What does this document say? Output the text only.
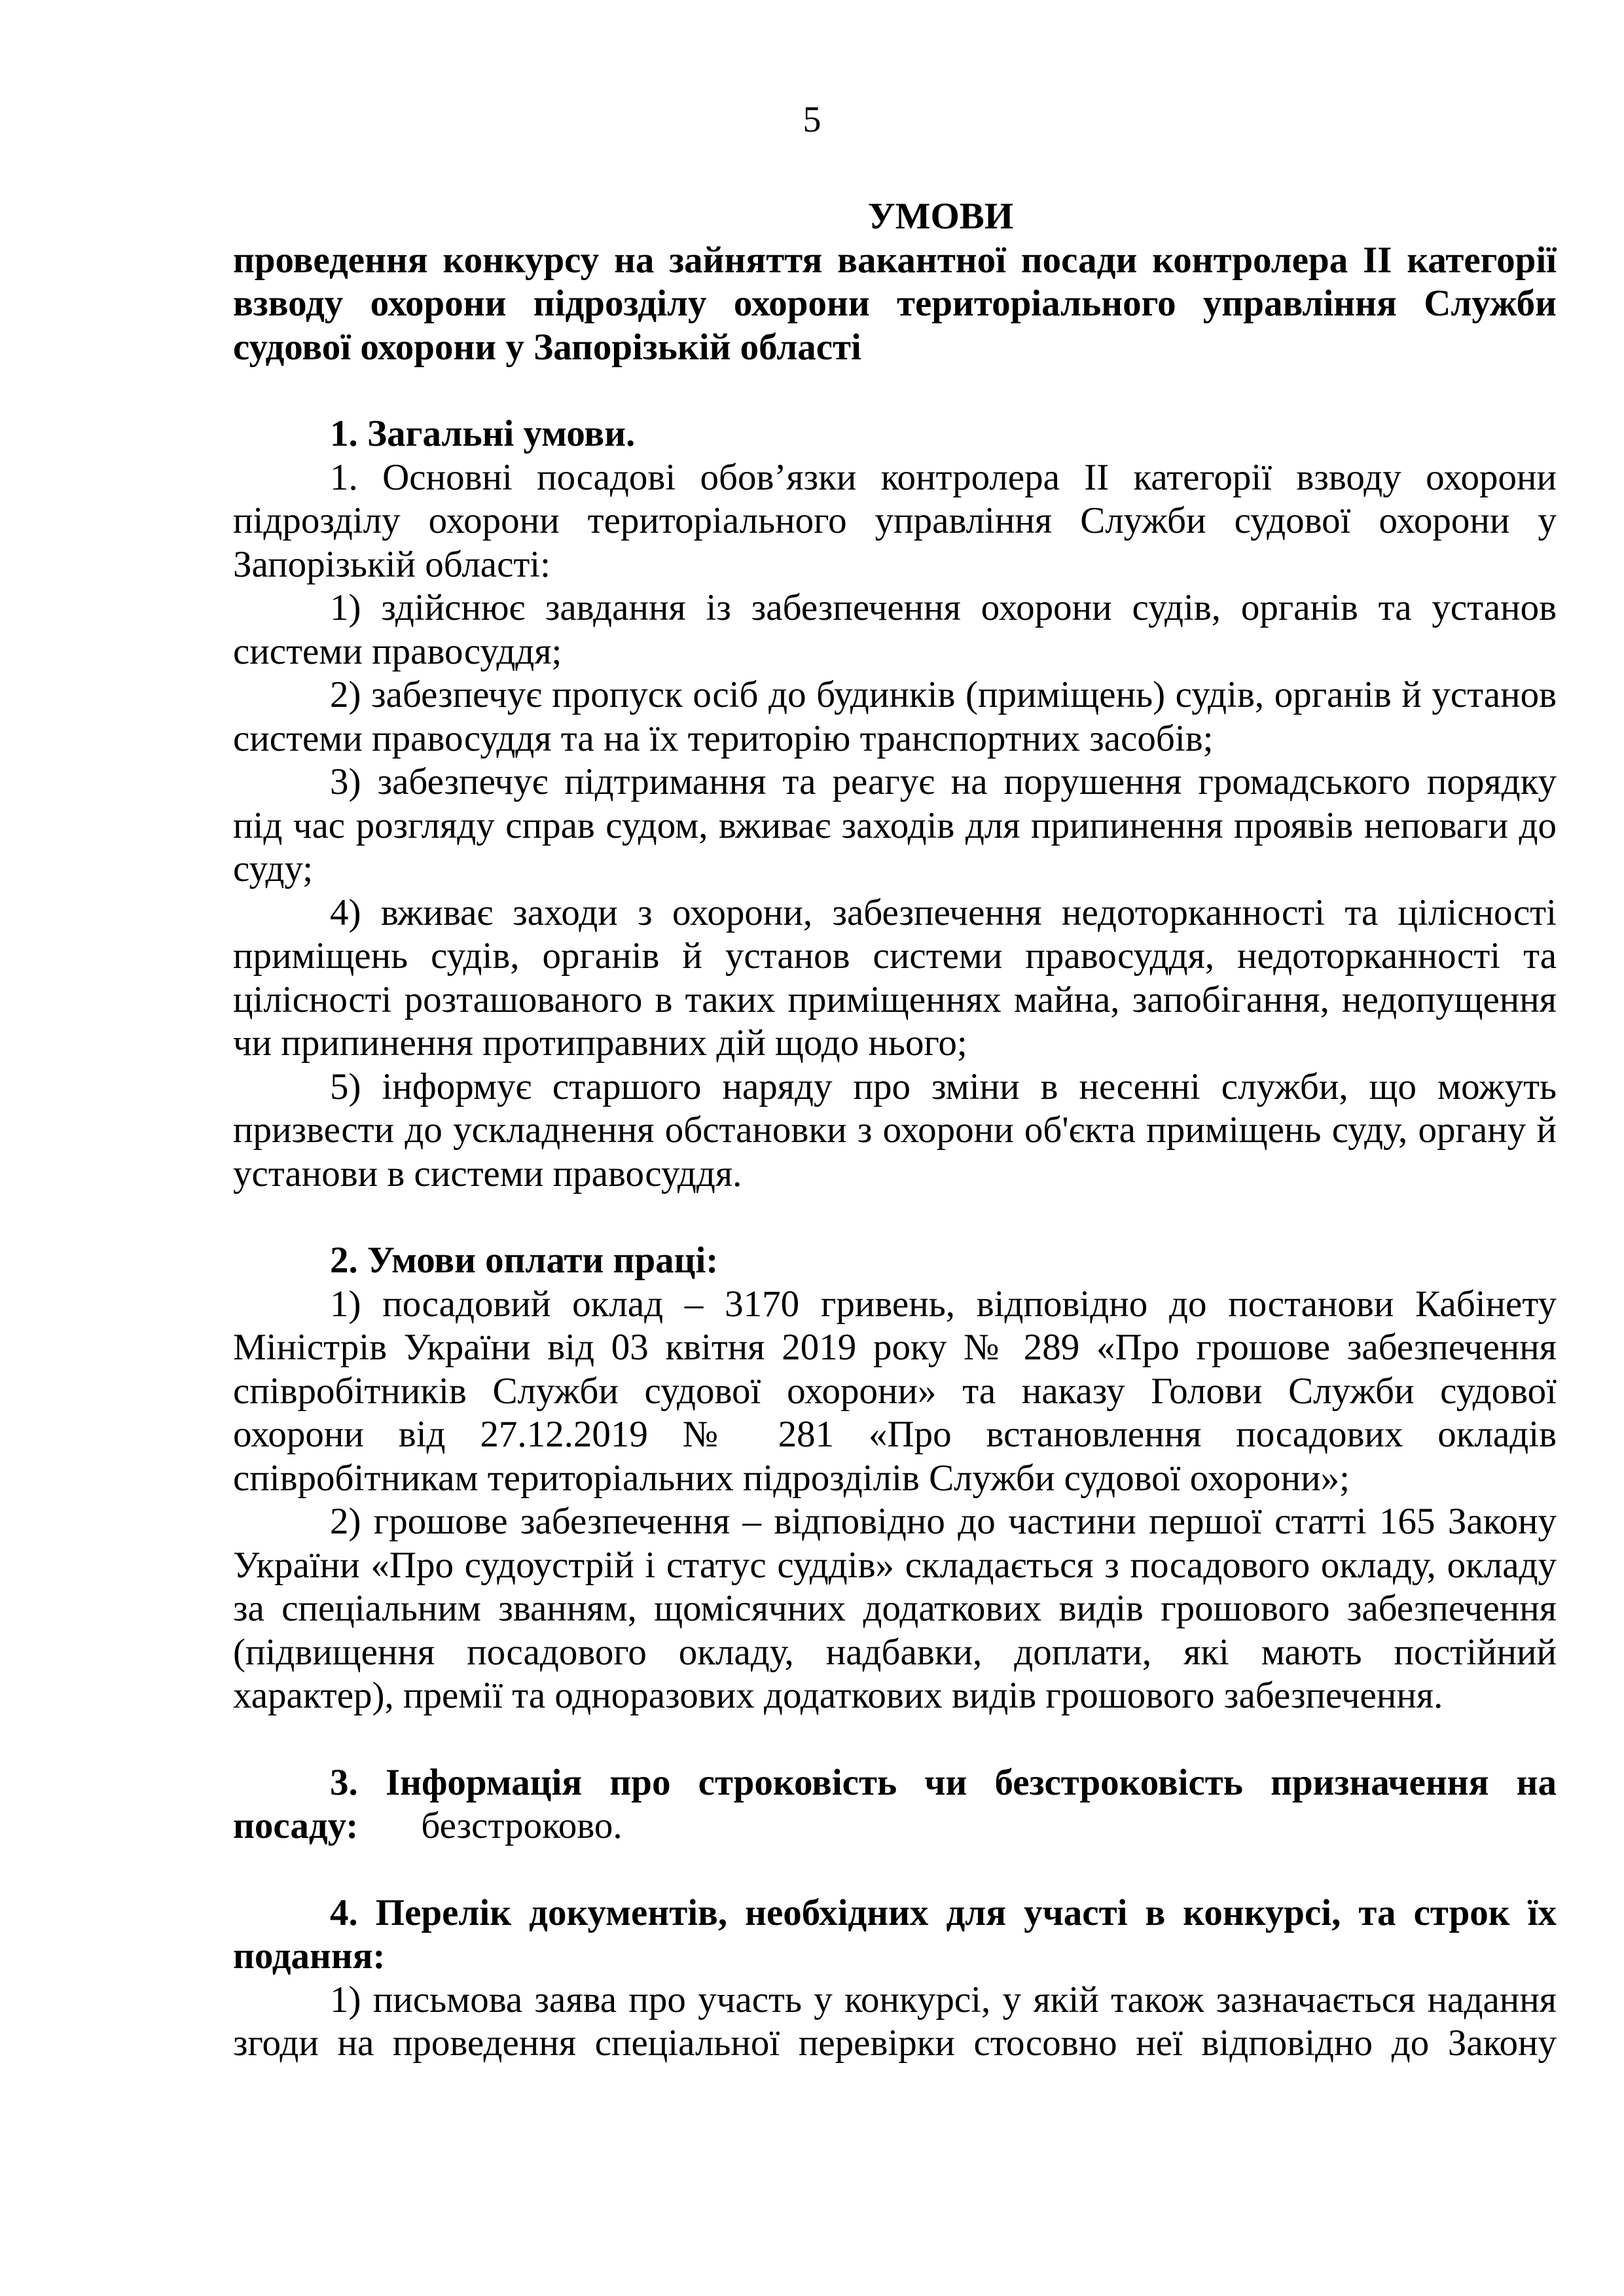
5

УМОВИ

проведення конкурсу на зайняття вакантної посади контролера ІІ категорії взводу охорони підрозділу охорони територіального управління Служби судової охорони у Запорізькій області

1. Загальні умови.

1. Основні посадові обов’язки контролера ІІ категорії взводу охорони підрозділу охорони територіального управління Служби судової охорони у Запорізькій області:

1) здійснює завдання із забезпечення охорони судів, органів та установ системи правосуддя;

2) забезпечує пропуск осіб до будинків (приміщень) судів, органів й установ системи правосуддя та на їх територію транспортних засобів;

3) забезпечує підтримання та реагує на порушення громадського порядку під час розгляду справ судом, вживає заходів для припинення проявів неповаги до суду;

4) вживає заходи з охорони, забезпечення недоторканності та цілісності приміщень судів, органів й установ системи правосуддя, недоторканності та цілісності розташованого в таких приміщеннях майна, запобігання, недопущення чи припинення протиправних дій щодо нього;

5) інформує старшого наряду про зміни в несенні служби, що можуть призвести до ускладнення обстановки з охорони об'єкта приміщень суду, органу й установи в системи правосуддя.

2. Умови оплати праці:

1) посадовий оклад – 3170 гривень, відповідно до постанови Кабінету Міністрів України від 03 квітня 2019 року № 289 «Про грошове забезпечення співробітників Служби судової охорони» та наказу Голови Служби судової охорони від 27.12.2019 № 281 «Про встановлення посадових окладів співробітникам територіальних підрозділів Служби судової охорони»;

2) грошове забезпечення – відповідно до частини першої статті 165 Закону України «Про судоустрій і статус суддів» складається з посадового окладу, окладу за спеціальним званням, щомісячних додаткових видів грошового забезпечення (підвищення посадового окладу, надбавки, доплати, які мають постійний характер), премії та одноразових додаткових видів грошового забезпечення.

3. Інформація про строковість чи безстроковість призначення на посаду: безстроково.

4. Перелік документів, необхідних для участі в конкурсі, та строк їх подання:

1) письмова заява про участь у конкурсі, у якій також зазначається надання згоди на проведення спеціальної перевірки стосовно неї відповідно до Закону
